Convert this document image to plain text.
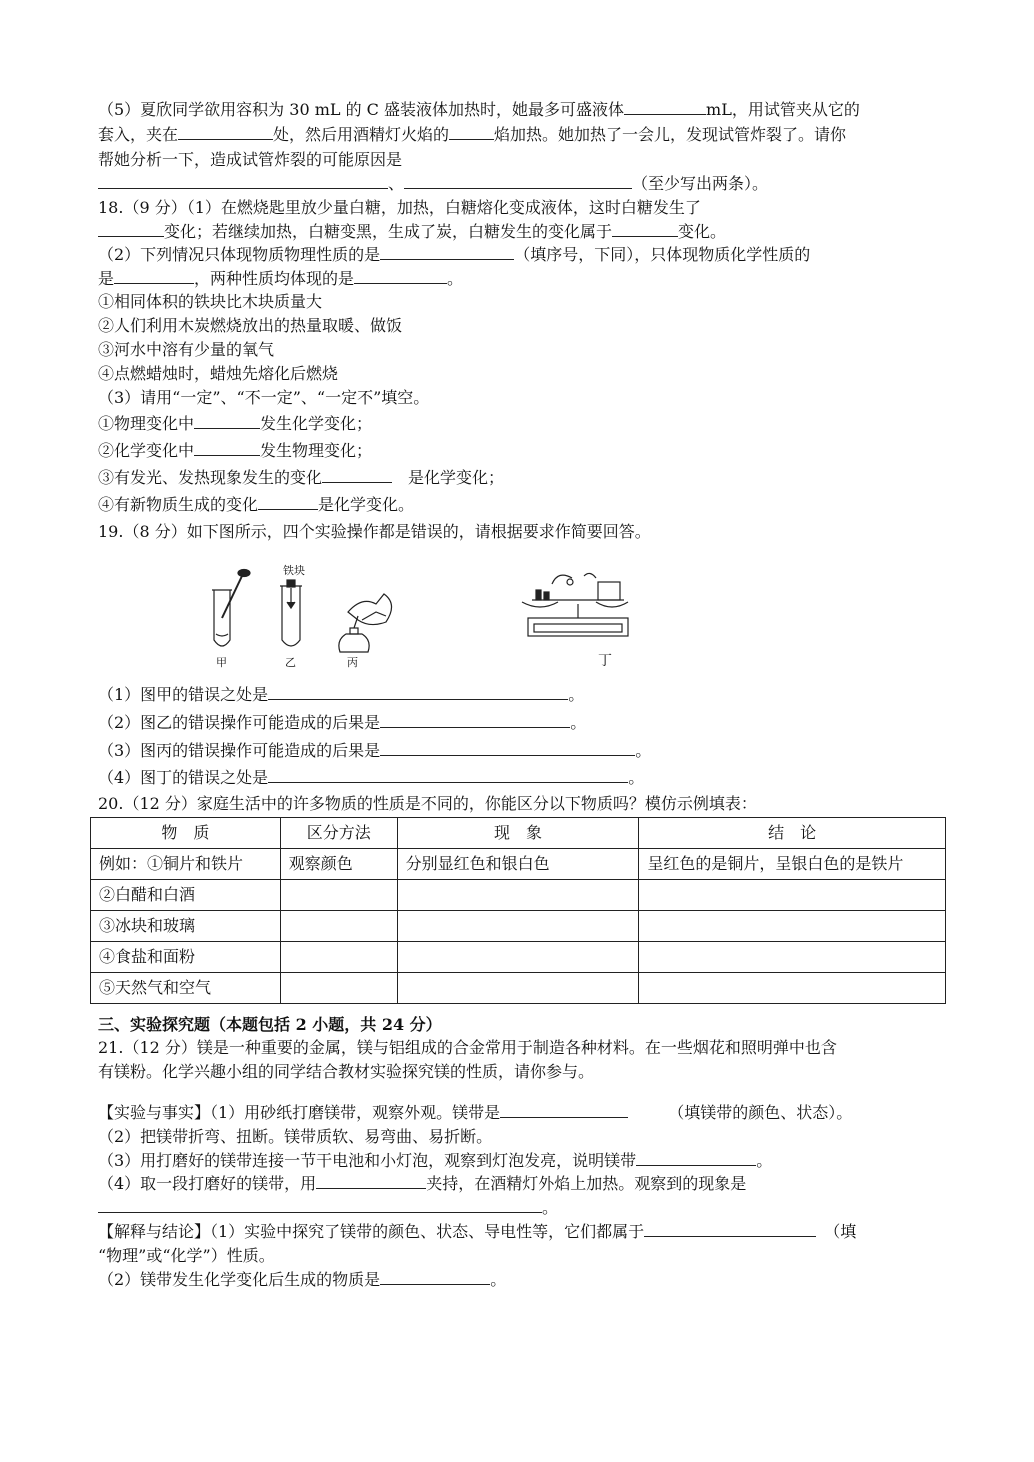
（5）夏欣同学欲用容积为 30 mL 的 C 盛装液体加热时，她最多可盛液体	mL，用试管夹从它的
套入，夹在	处，然后用酒精灯火焰的	焰加热。她加热了一会儿，发现试管炸裂了。请你
帮她分析一下，造成试管炸裂的可能原因是
、	（至少写出两条）。
18.（9 分）（1）在燃烧匙里放少量白糖，加热，白糖熔化变成液体，这时白糖发生了
变化；若继续加热，白糖变黑，生成了炭，白糖发生的变化属于	变化。
（2）下列情况只体现物质物理性质的是	（填序号，下同），只体现物质化学性质的
是	，两种性质均体现的是	。
①相同体积的铁块比木块质量大
②人们利用木炭燃烧放出的热量取暖、做饭
③河水中溶有少量的氧气
④点燃蜡烛时，蜡烛先熔化后燃烧
（3）请用“一定”、“不一定”、“一定不”填空。
①物理变化中	发生化学变化；
②化学变化中	发生物理变化；
③有发光、发热现象发生的变化　	是化学变化；
④有新物质生成的变化	是化学变化。
19.（8 分）如下图所示，四个实验操作都是错误的，请根据要求作简要回答。
铁块
甲	乙	丙	丁
（1）图甲的错误之处是	。
（2）图乙的错误操作可能造成的后果是	。
（3）图丙的错误操作可能造成的后果是	。
（4）图丁的错误之处是	。
20.（12 分）家庭生活中的许多物质的性质是不同的，你能区分以下物质吗？模仿示例填表：
物　质	区分方法	现　象	结　论
例如：①铜片和铁片	观察颜色	分别显红色和银白色	呈红色的是铜片，呈银白色的是铁片
②白醋和白酒			
③冰块和玻璃			
④食盐和面粉			
⑤天然气和空气			
三、实验探究题（本题包括 2 小题，共 24 分）
21.（12 分）镁是一种重要的金属，镁与铝组成的合金常用于制造各种材料。在一些烟花和照明弹中也含
有镁粉。化学兴趣小组的同学结合教材实验探究镁的性质，请你参与。
【实验与事实】（1）用砂纸打磨镁带，观察外观。镁带是　　　	（填镁带的颜色、状态）。
（2）把镁带折弯、扭断。镁带质软、易弯曲、易折断。
（3）用打磨好的镁带连接一节干电池和小灯泡，观察到灯泡发亮，说明镁带	。
（4）取一段打磨好的镁带，用	夹持，在酒精灯外焰上加热。观察到的现象是
。
【解释与结论】（1）实验中探究了镁带的颜色、状态、导电性等，它们都属于　	（填
“物理”或“化学”）性质。
（2）镁带发生化学变化后生成的物质是	。
